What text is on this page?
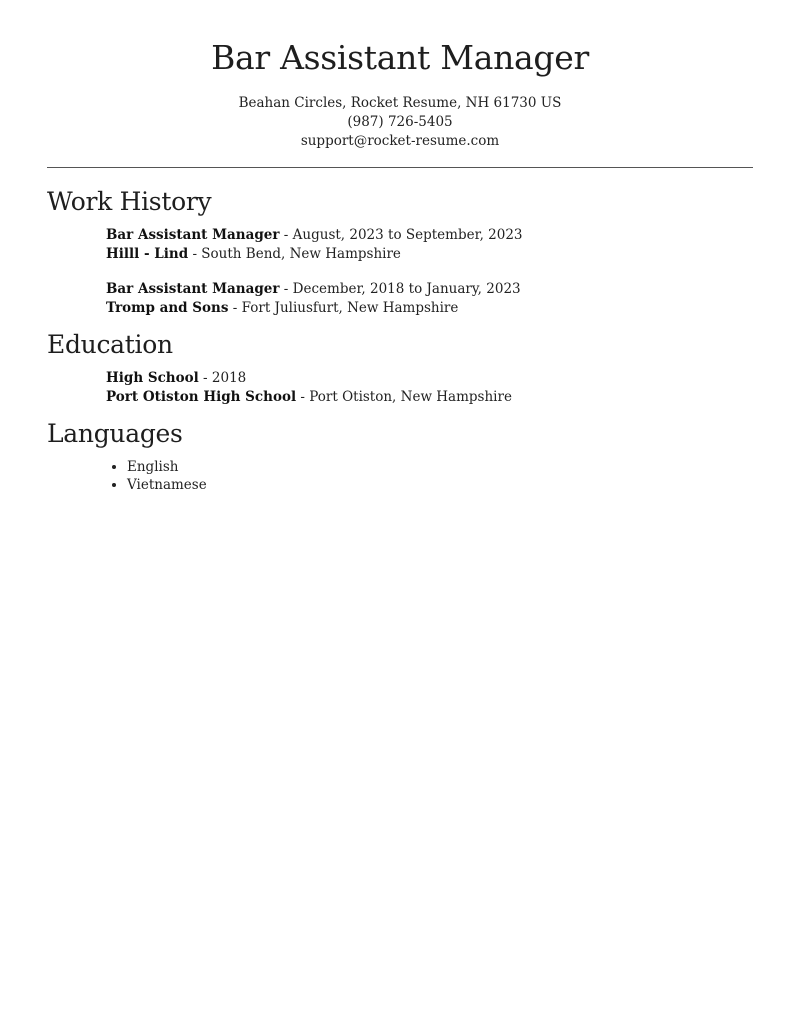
Bar Assistant Manager
Beahan Circles, Rocket Resume, NH 61730 US
(987) 726-5405
support@rocket-resume.com
Work History
Bar Assistant Manager - August, 2023 to September, 2023
Hilll - Lind - South Bend, New Hampshire
Bar Assistant Manager - December, 2018 to January, 2023
Tromp and Sons - Fort Juliusfurt, New Hampshire
Education
High School - 2018
Port Otiston High School - Port Otiston, New Hampshire
Languages
• English
• Vietnamese
